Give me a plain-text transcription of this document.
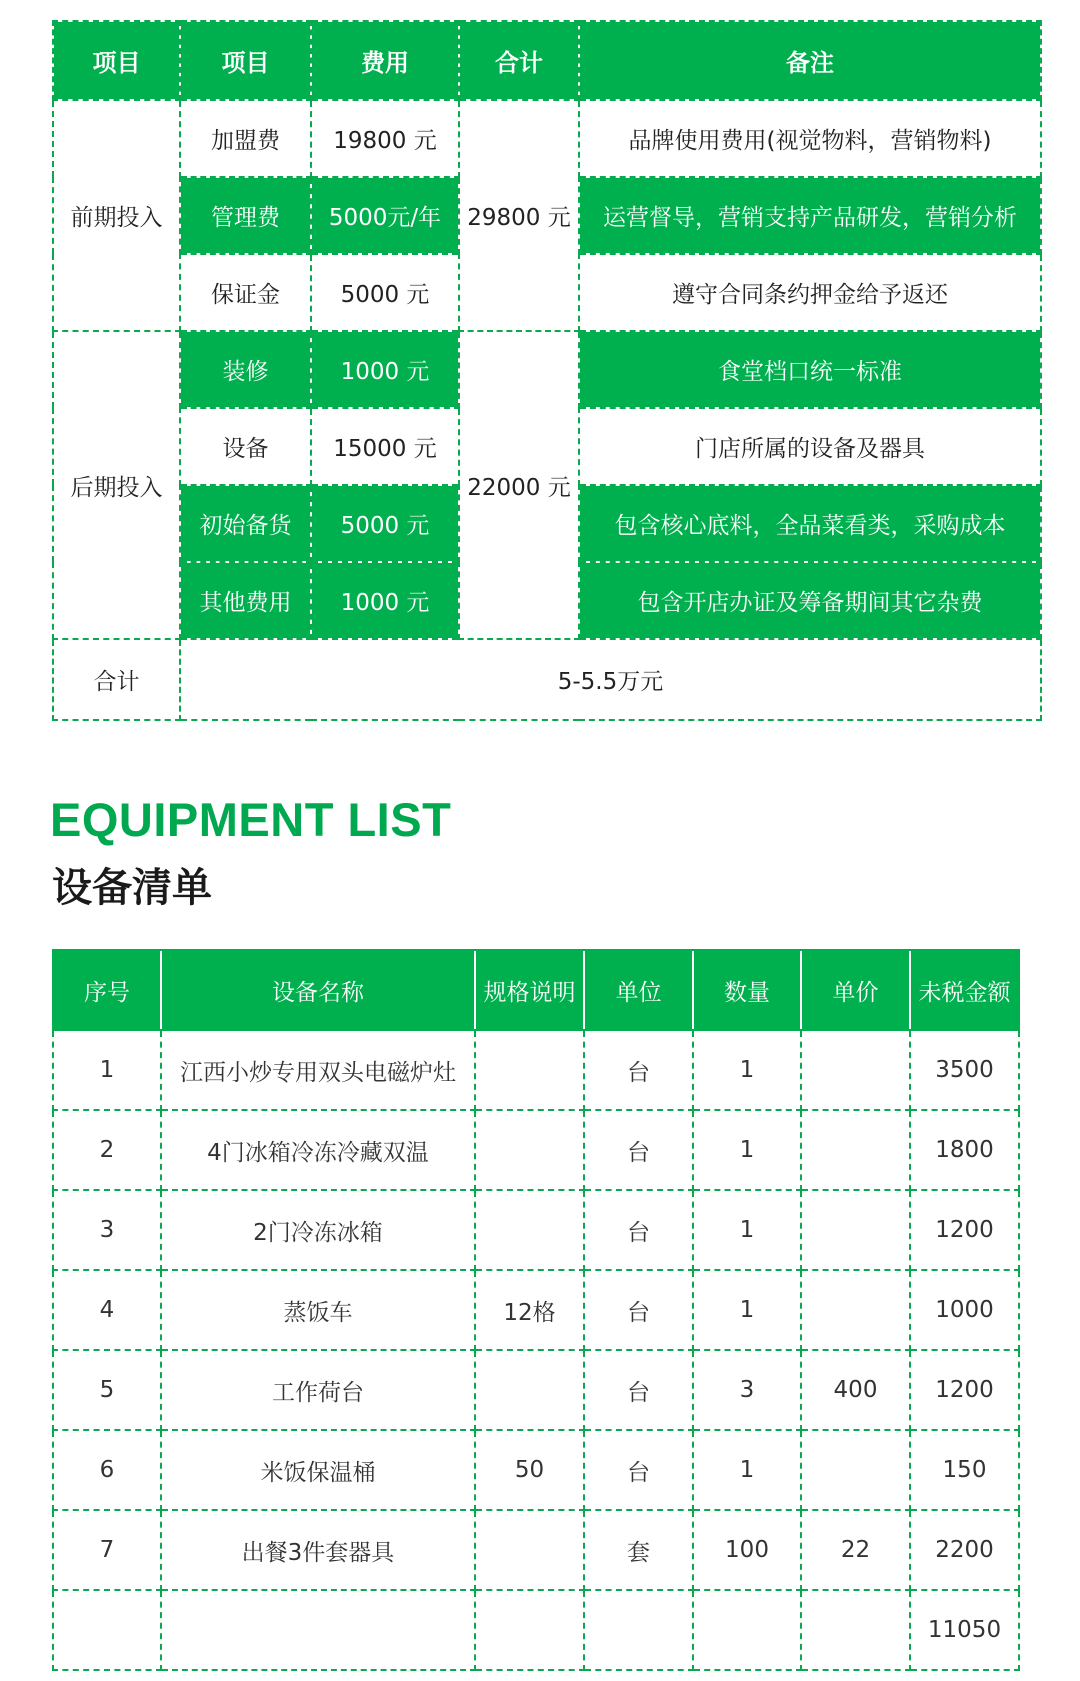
项目	项目	费用	合计	备注
前期投入	加盟费	19800 元	29800 元	品牌使用费用(视觉物料，营销物料)
	管理费	5000元/年		运营督导，营销支持产品研发，营销分析
	保证金	5000 元		遵守合同条约押金给予返还
后期投入	装修	1000 元	22000 元	食堂档口统一标准
	设备	15000 元		门店所属的设备及器具
	初始备货	5000 元		包含核心底料，全品菜看类，采购成本
	其他费用	1000 元		包含开店办证及筹备期间其它杂费
合计	5-5.5万元			
EQUIPMENT LIST
设备清单
序号	设备名称	规格说明	单位	数量	单价	未税金额
1	江西小炒专用双头电磁炉灶		台	1		3500
2	4门冰箱冷冻冷藏双温		台	1		1800
3	2门冷冻冰箱		台	1		1200
4	蒸饭车	12格	台	1		1000
5	工作荷台		台	3	400	1200
6	米饭保温桶	50	台	1		150
7	出餐3件套器具		套	100	22	2200
						11050
